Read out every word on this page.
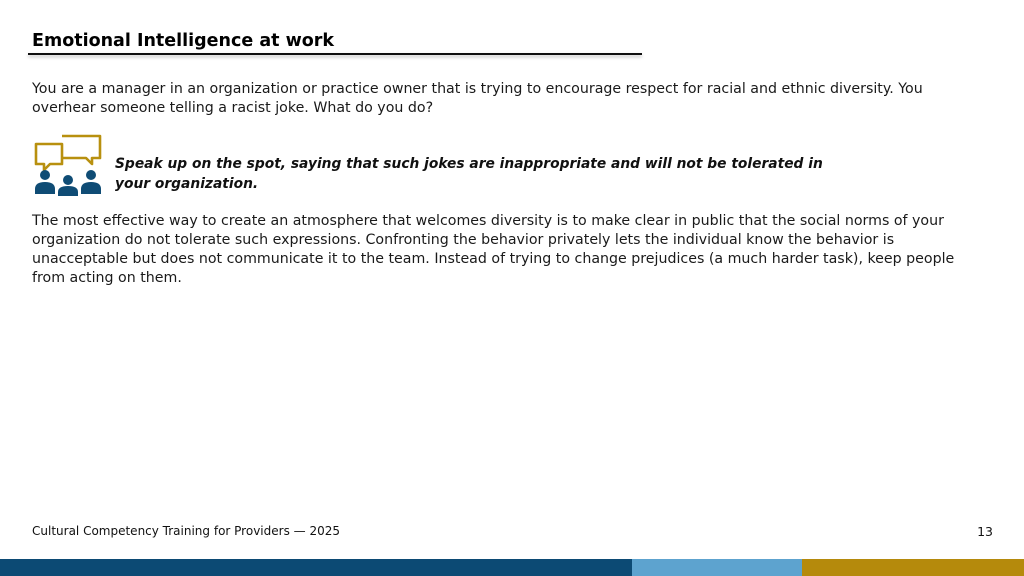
Emotional Intelligence at work

You are a manager in an organization or practice owner that is trying to encourage respect for racial and ethnic diversity. You overhear someone telling a racist joke. What do you do?

Speak up on the spot, saying that such jokes are inappropriate and will not be tolerated in your organization.

The most effective way to create an atmosphere that welcomes diversity is to make clear in public that the social norms of your organization do not tolerate such expressions. Confronting the behavior privately lets the individual know the behavior is unacceptable but does not communicate it to the team. Instead of trying to change prejudices (a much harder task), keep people from acting on them.

Cultural Competency Training for Providers — 2025	13
